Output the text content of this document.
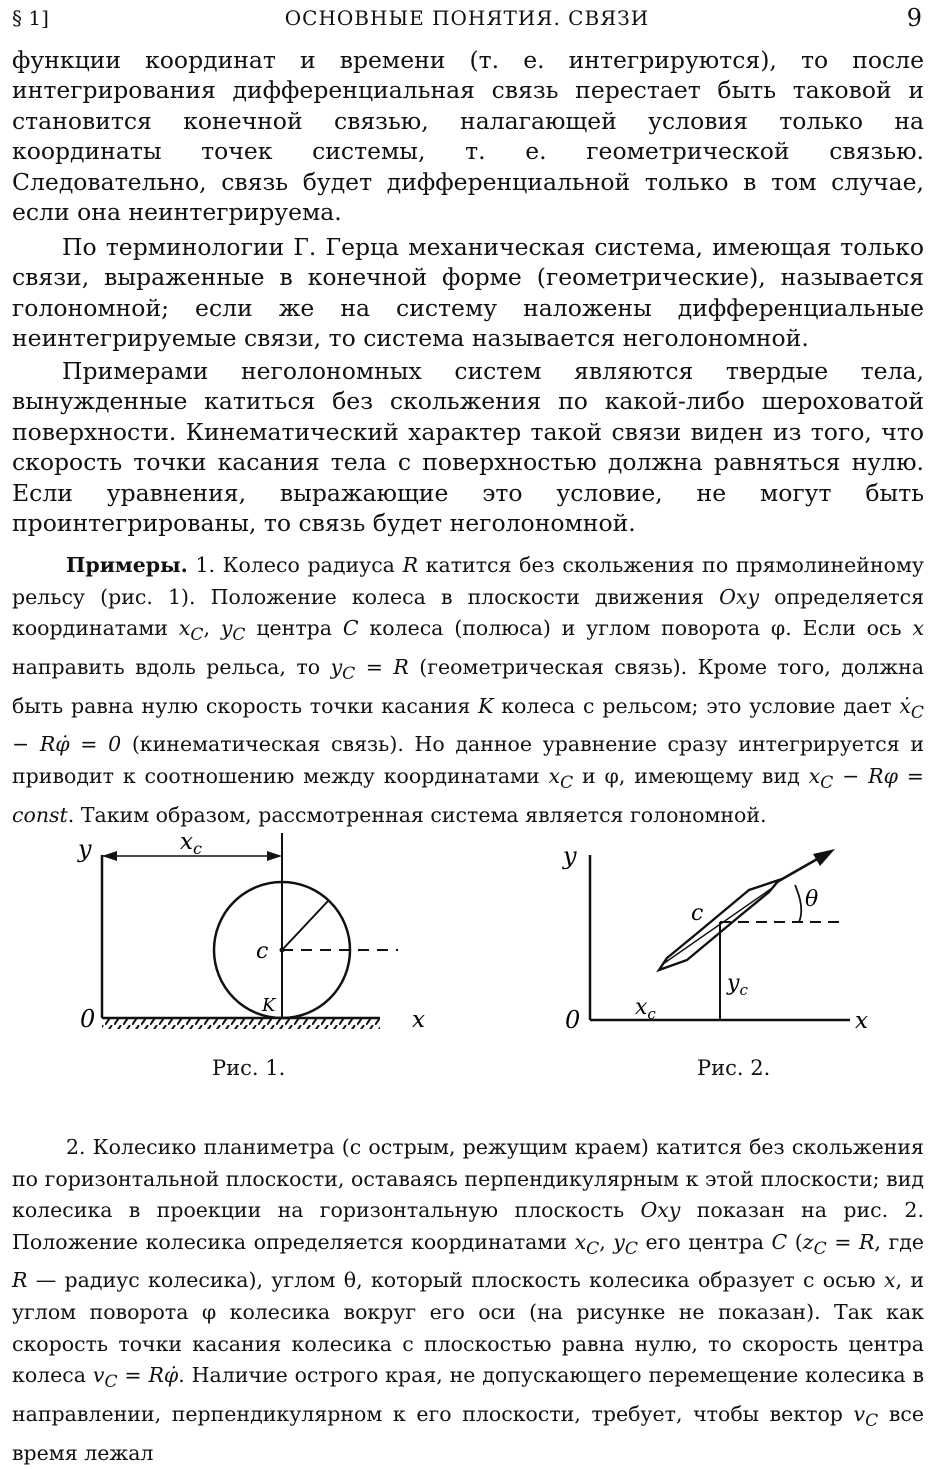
§ 1]	ОСНОВНЫЕ ПОНЯТИЯ. СВЯЗИ	9

функции координат и времени (т. е. интегрируются), то после интегрирования дифференциальная связь перестает быть таковой и становится конечной связью, налагающей условия только на координаты точек системы, т. е. геометрической связью. Следовательно, связь будет дифференциальной только в том случае, если она неинтегрируема.

По терминологии Г. Герца механическая система, имеющая только связи, выраженные в конечной форме (геометрические), называется голономной; если же на систему наложены дифференциальные неинтегрируемые связи, то система называется неголономной.

Примерами неголономных систем являются твердые тела, вынужденные катиться без скольжения по какой-либо шероховатой поверхности. Кинематический характер такой связи виден из того, что скорость точки касания тела с поверхностью должна равняться нулю. Если уравнения, выражающие это условие, не могут быть проинтегрированы, то связь будет неголономной.

Примеры. 1. Колесо радиуса R катится без скольжения по прямолинейному рельсу (рис. 1). Положение колеса в плоскости движения Oxy определяется координатами $x_C$, $y_C$ центра C колеса (полюса) и углом поворота φ. Если ось x направить вдоль рельса, то $y_C = R$ (геометрическая связь). Кроме того, должна быть равна нулю скорость точки касания K колеса с рельсом; это условие дает ẋ$_C$ − Rφ̇ = 0 (кинематическая связь). Но данное уравнение сразу интегрируется и приводит к соотношению между координатами $x_C$ и φ, имеющему вид $x_C - R\varphi$ = const. Таким образом, рассмотренная система является голономной.

y	$x_c$
c
K
0	x
Рис. 1.
y
c
θ
$y_c$
$x_c$
0	x
Рис. 2.

2. Колесико планиметра (с острым, режущим краем) катится без скольжения по горизонтальной плоскости, оставаясь перпендикулярным к этой плоскости; вид колесика в проекции на горизонтальную плоскость Oxy показан на рис. 2. Положение колесика определяется координатами $x_C$, $y_C$ его центра C ($z_C = R$, где R — радиус колесика), углом θ, который плоскость колесика образует с осью x, и углом поворота φ колесика вокруг его оси (на рисунке не показан). Так как скорость точки касания колесика с плоскостью равна нулю, то скорость центра колеса $v_C$ = Rφ̇. Наличие острого края, не допускающего перемещение колесика в направлении, перпендикулярном к его плоскости, требует, чтобы вектор $v_C$ все время лежал
